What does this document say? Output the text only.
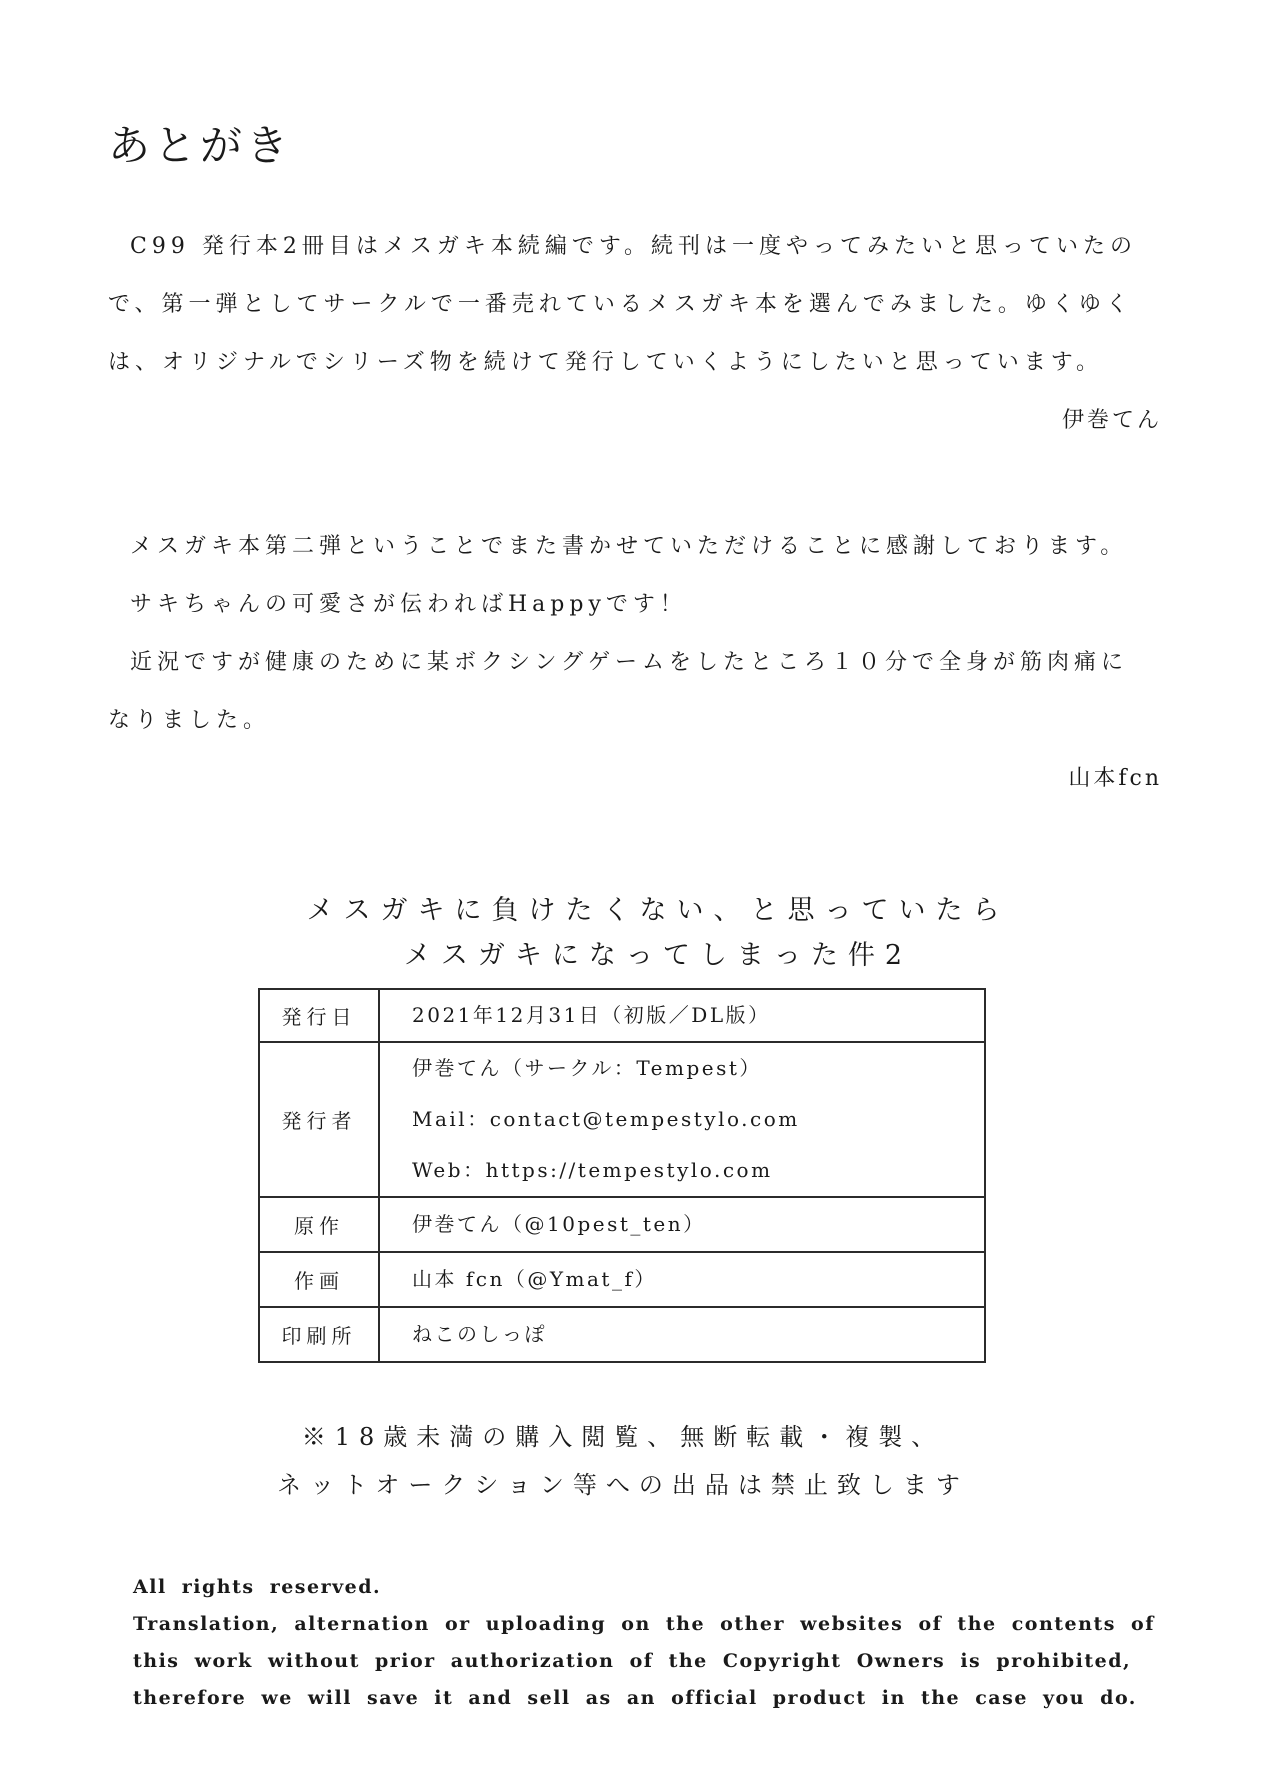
あとがき
C99 発行本2冊目はメスガキ本続編です。続刊は一度やってみたいと思っていたの
で、第一弾としてサークルで一番売れているメスガキ本を選んでみました。ゆくゆく
は、オリジナルでシリーズ物を続けて発行していくようにしたいと思っています。
伊巻てん
メスガキ本第二弾ということでまた書かせていただけることに感謝しております。
サキちゃんの可愛さが伝わればHappyです！
近況ですが健康のために某ボクシングゲームをしたところ１０分で全身が筋肉痛に
なりました。
山本fcn
メスガキに負けたくない、と思っていたら
メスガキになってしまった件2
発行日	2021年12月31日（初版／DL版）

発行者	伊巻てん（サークル：Tempest）
Mail：contact@tempestylo.com
Web：https://tempestylo.com

原作	伊巻てん（@10pest_ten）

作画	山本 fcn（@Ymat_f）

印刷所	ねこのしっぽ
※18歳未満の購入閲覧、無断転載・複製、
ネットオークション等への出品は禁止致します
All rights reserved.
Translation, alternation or uploading on the other websites of the contents of
this work without prior authorization of the Copyright Owners is prohibited,
therefore we will save it and sell as an official product in the case you do.
